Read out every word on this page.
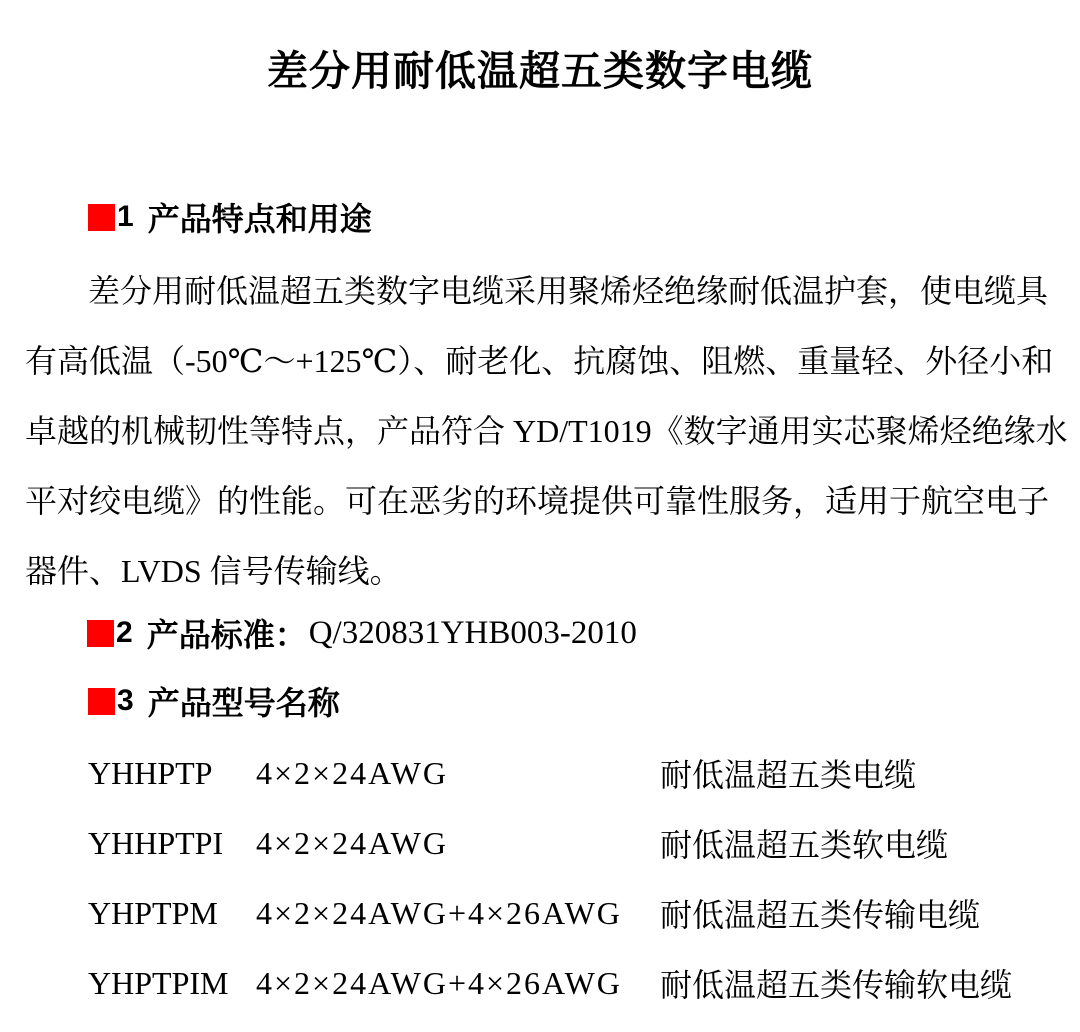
差分用耐低温超五类数字电缆
1 产品特点和用途
差分用耐低温超五类数字电缆采用聚烯烃绝缘耐低温护套，使电缆具
有高低温（-50℃～+125℃）、耐老化、抗腐蚀、阻燃、重量轻、外径小和
卓越的机械韧性等特点，产品符合 YD/T1019《数字通用实芯聚烯烃绝缘水
平对绞电缆》的性能。可在恶劣的环境提供可靠性服务，适用于航空电子
器件、LVDS 信号传输线。
2 产品标准： Q/320831YHB003-2010
3 产品型号名称
YHHPTP	4×2×24AWG	耐低温超五类电缆
YHHPTPI	4×2×24AWG	耐低温超五类软电缆
YHPTPM	4×2×24AWG+4×26AWG	耐低温超五类传输电缆
YHPTPIM 4×2×24AWG+4×26AWG	耐低温超五类传输软电缆
